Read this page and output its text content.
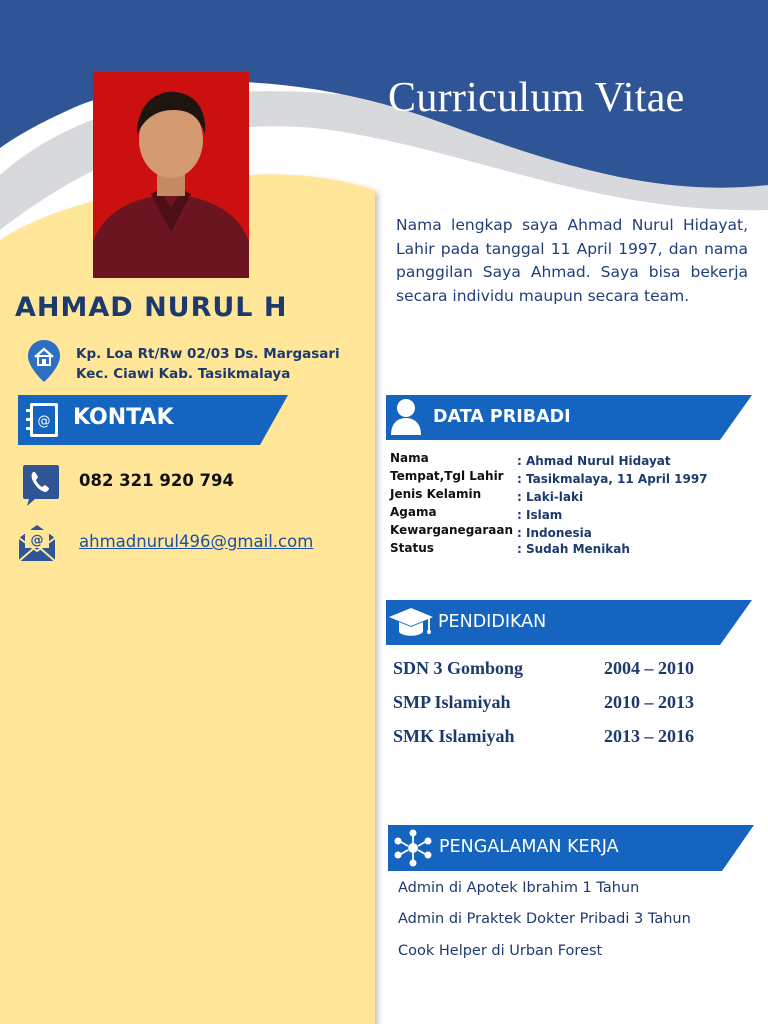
Curriculum Vitae
Nama lengkap saya Ahmad Nurul Hidayat, Lahir pada tanggal 11 April 1997, dan nama panggilan Saya Ahmad. Saya bisa bekerja secara individu maupun secara team.
AHMAD NURUL H
Kp. Loa Rt/Rw 02/03 Ds. Margasari
Kec. Ciawi Kab. Tasikmalaya
@ KONTAK
082 321 920 794
@ ahmadnurul496@gmail.com
DATA PRIBADI
Nama	: Ahmad Nurul Hidayat
Tempat,Tgl Lahir : Tasikmalaya, 11 April 1997
Jenis Kelamin	: Laki-laki
Agama	: Islam
Kewarganegaraan : Indonesia
Status	: Sudah Menikah
PENDIDIKAN
SDN 3 Gombong	2004 – 2010
SMP Islamiyah	2010 – 2013
SMK Islamiyah	2013 – 2016
PENGALAMAN KERJA
Admin di Apotek Ibrahim 1 Tahun
Admin di Praktek Dokter Pribadi 3 Tahun
Cook Helper di Urban Forest
